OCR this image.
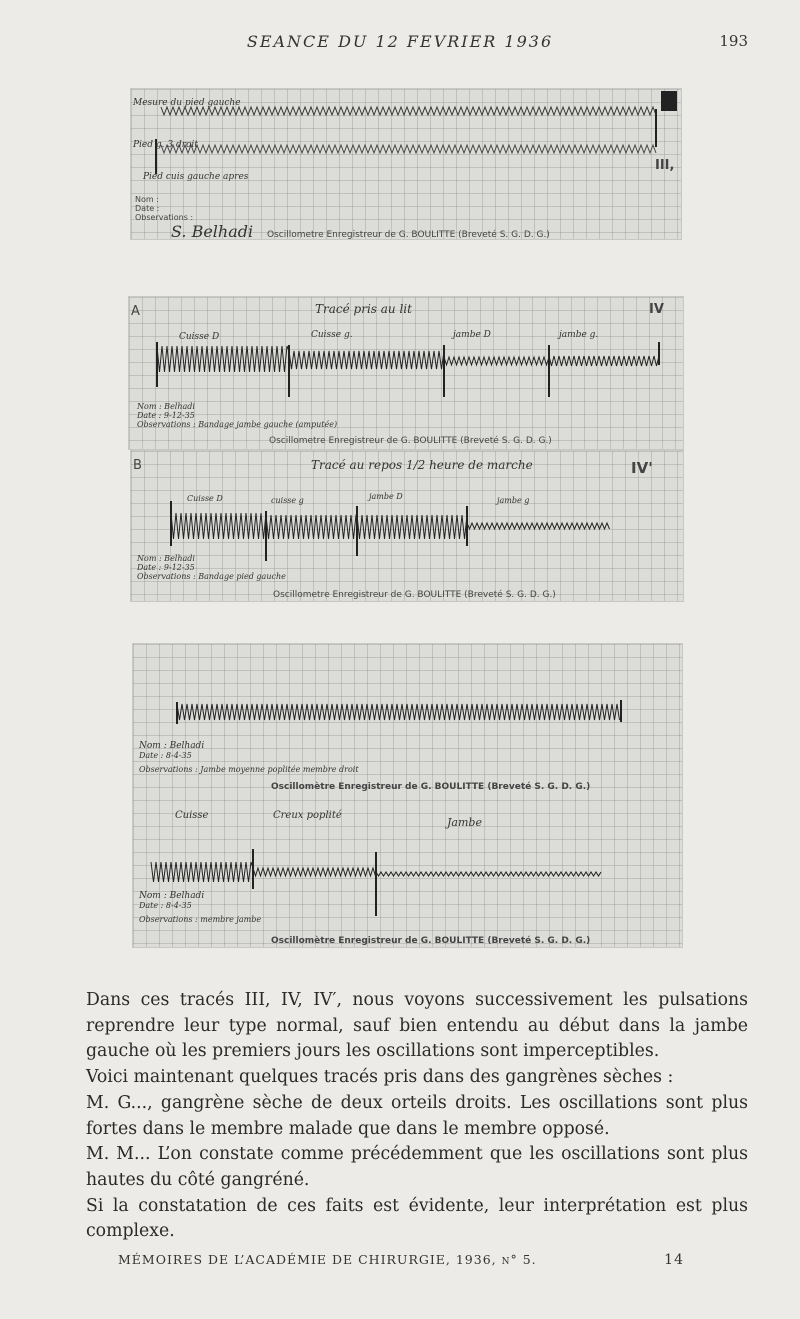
SEANCE DU 12 FEVRIER 1936	193
Mesure du pied gauche
Pied g. 3 droit
Pied cuis gauche apres
Nom :
Date :
Observations :
S. Belhadi Oscillometre Enregistreur de G. BOULITTE (Breveté S. G. D. G.)
III,
A	IV
Tracé pris au lit
Cuisse D	Cuisse g.	jambe D	jambe g.
Nom : Belhadi
Date : 9-12-35
Observations : Bandage jambe gauche (amputée)
Oscillometre Enregistreur de G. BOULITTE (Breveté S. G. D. G.)
B	IV'
Tracé au repos 1/2 heure de marche
Cuisse D	cuisse g	jambe D	jambe g
Nom : Belhadi
Date : 9-12-35
Observations : Bandage pied gauche
Oscillometre Enregistreur de G. BOULITTE (Breveté S. G. D. G.)
Nom : Belhadi
Date : 8-4-35
Observations : Jambe moyenne poplitée membre droit
Oscillomètre Enregistreur de G. BOULITTE (Breveté S. G. D. G.)
Cuisse	Creux poplité
Jambe
Nom : Belhadi
Date : 8-4-35
Observations : membre jambe
Oscillomètre Enregistreur de G. BOULITTE (Breveté S. G. D. G.)

Dans ces tracés III, IV, IV′, nous voyons successivement les pulsations reprendre leur type normal, sauf bien entendu au début dans la jambe gauche où les premiers jours les oscillations sont imperceptibles.

Voici maintenant quelques tracés pris dans des gangrènes sèches :

M. G..., gangrène sèche de deux orteils droits. Les oscillations sont plus fortes dans le membre malade que dans le membre opposé.

M. M... L’on constate comme précédemment que les oscillations sont plus hautes du côté gangréné.

Si la constatation de ces faits est évidente, leur interprétation est plus complexe.

MÉMOIRES DE L’ACADÉMIE DE CHIRURGIE, 1936, n° 5.	14
